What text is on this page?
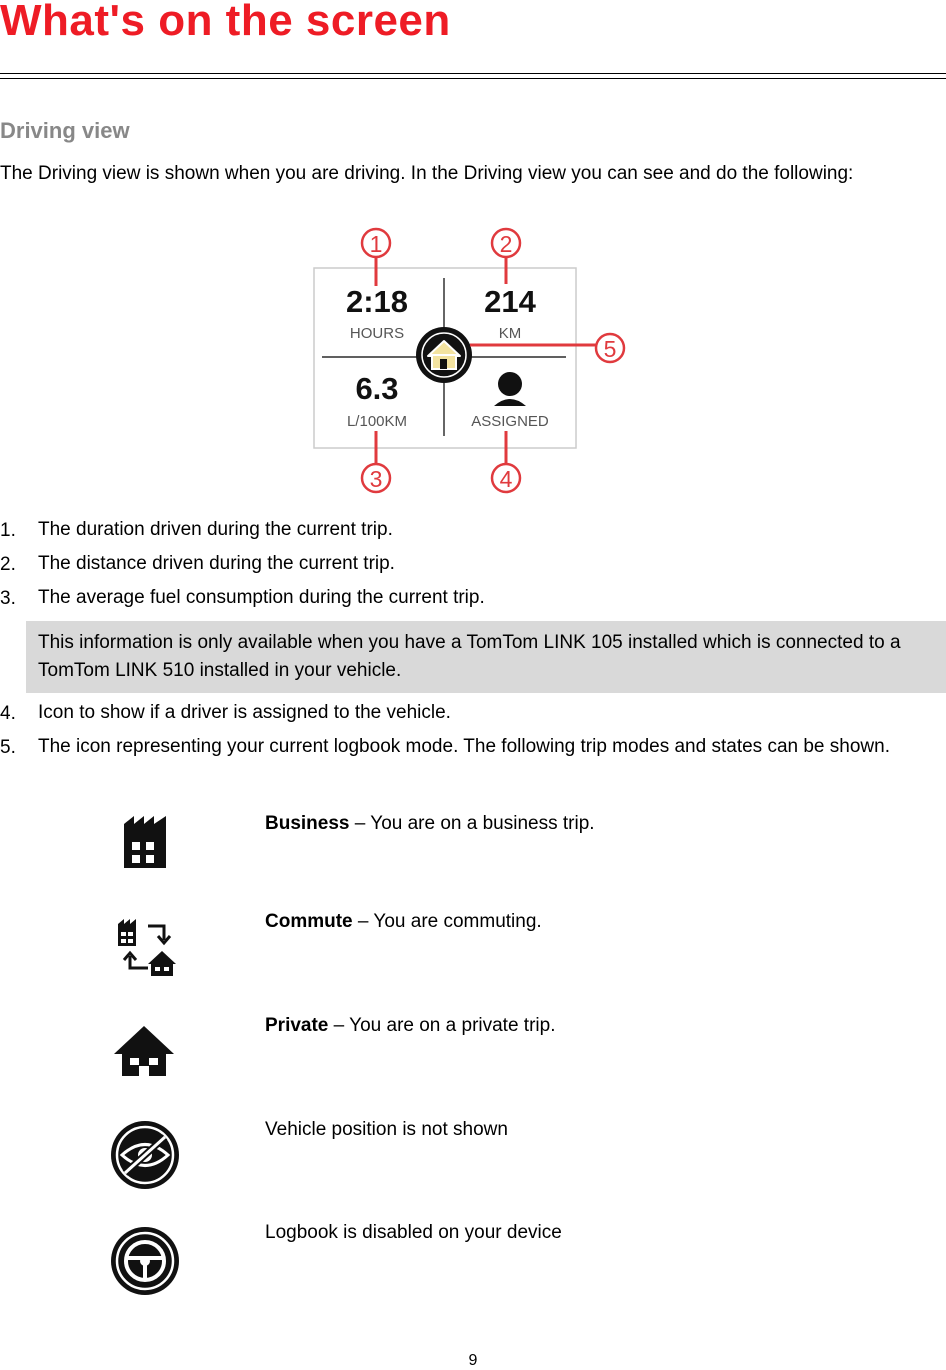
What's on the screen
Driving view
The Driving view is shown when you are driving. In the Driving view you can see and do the following:
2:18
HOURS
214
KM
6.3
L/100KM	ASSIGNED
1	2
3	4
5
1. The duration driven during the current trip.
2. The distance driven during the current trip.
3. The average fuel consumption during the current trip.
This information is only available when you have a TomTom LINK 105 installed which is connected to a TomTom LINK 510 installed in your vehicle.
4. Icon to show if a driver is assigned to the vehicle.
5. The icon representing your current logbook mode. The following trip modes and states can be shown.
Business – You are on a business trip.
Commute – You are commuting.
Private – You are on a private trip.
Vehicle position is not shown
Logbook is disabled on your device
9
